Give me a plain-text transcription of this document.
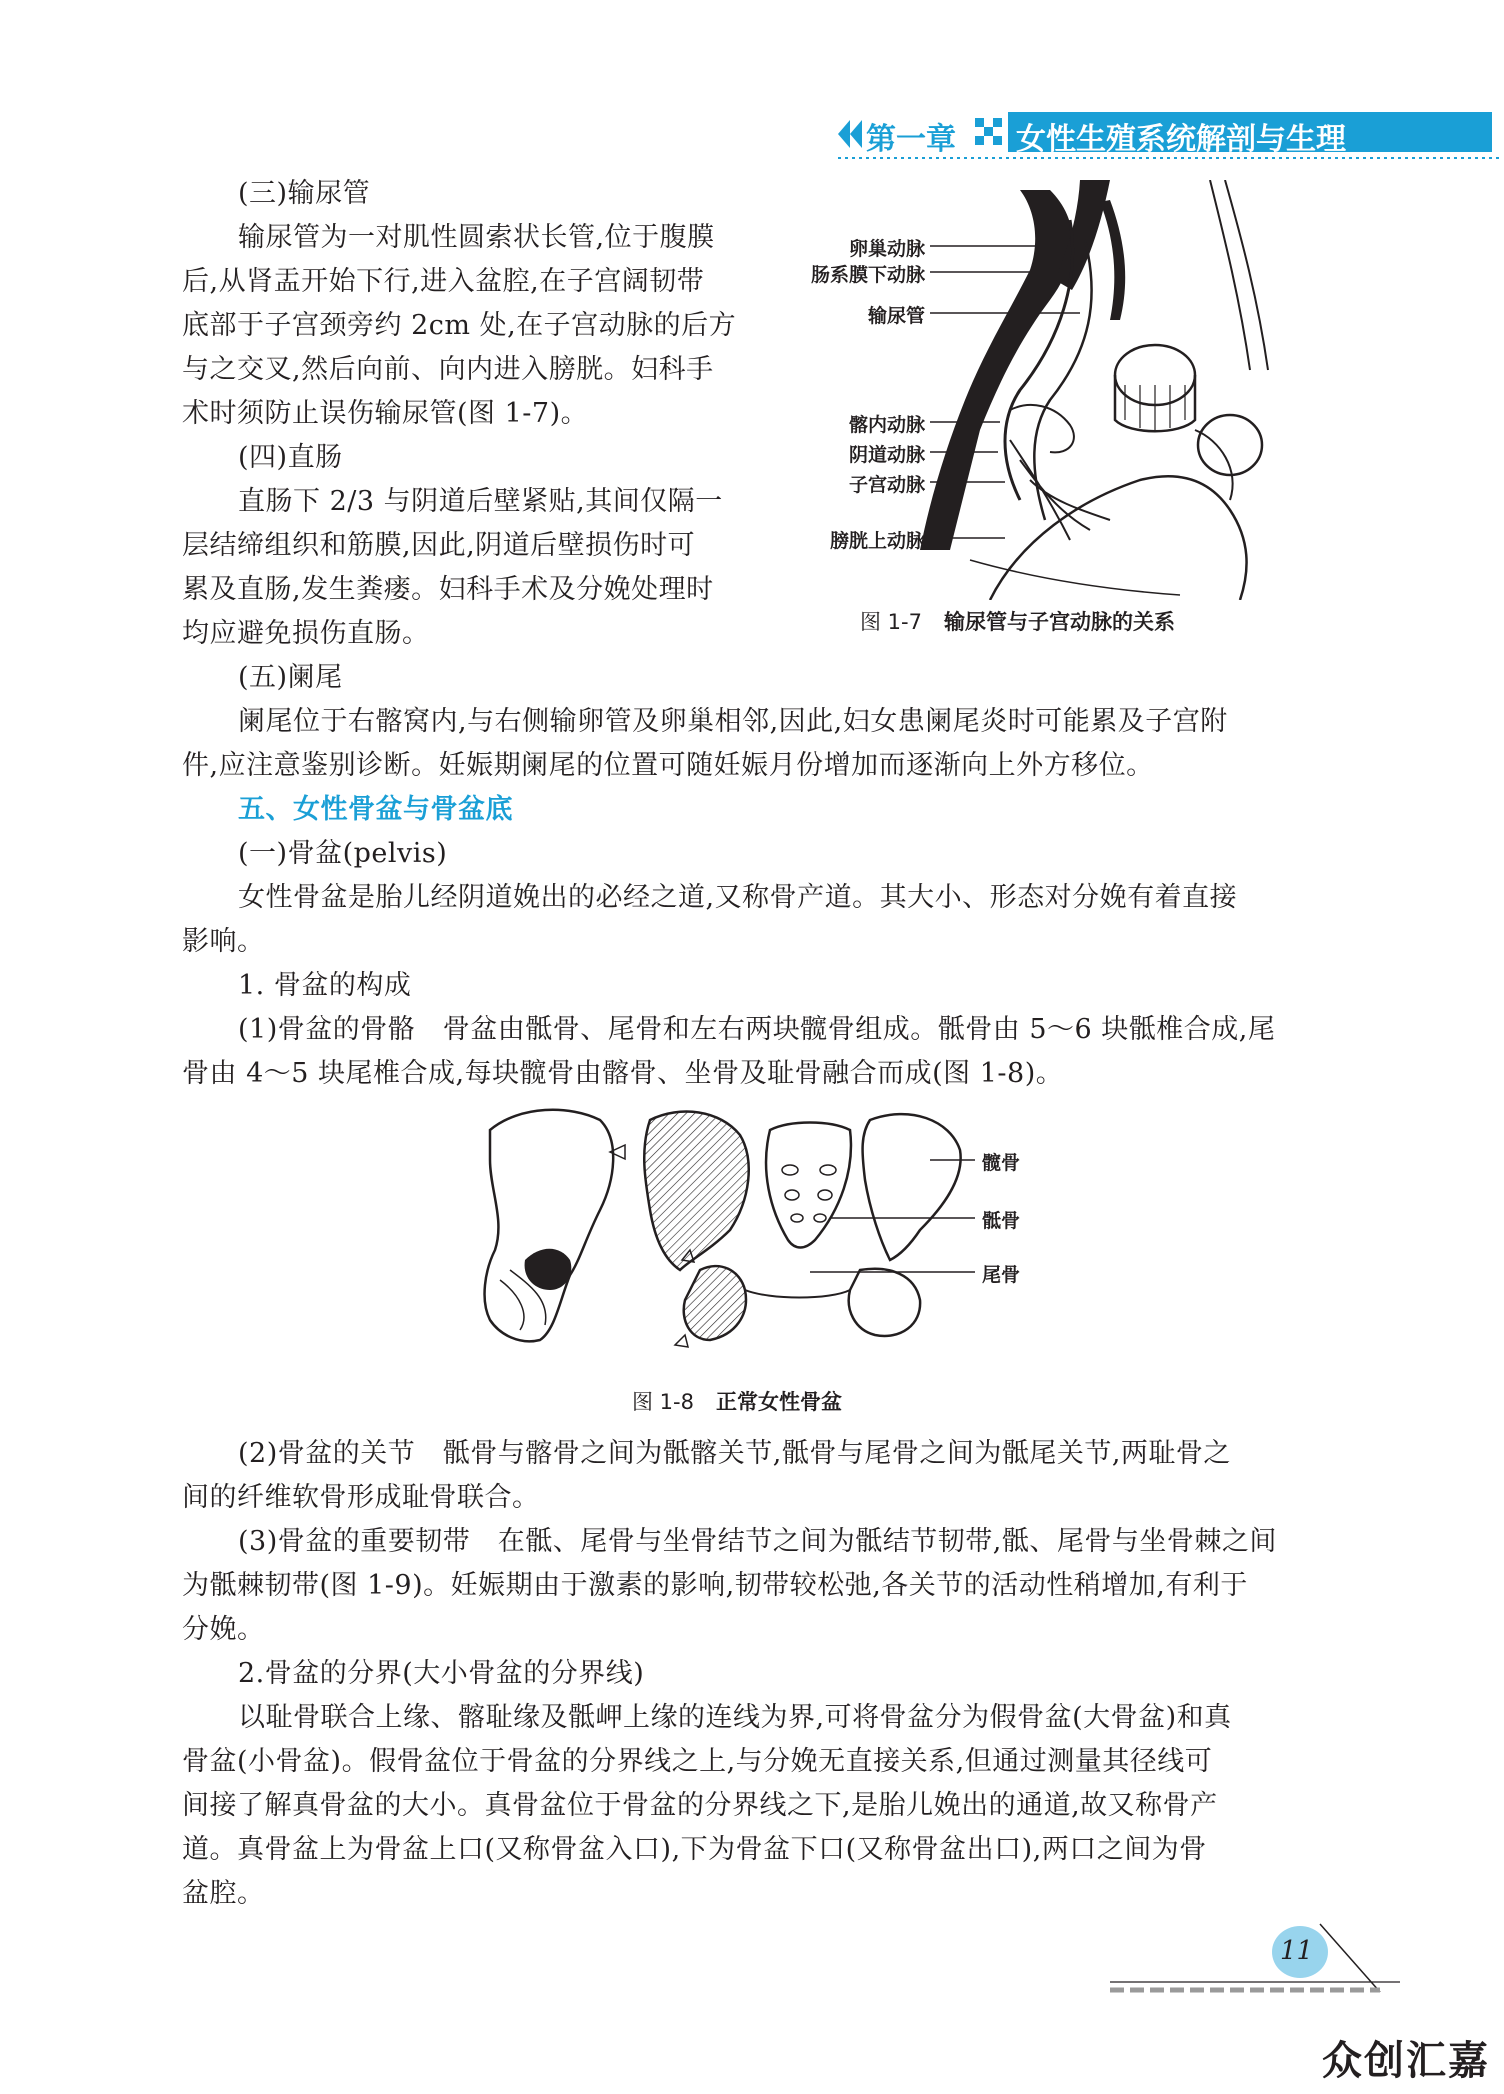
第一章 女性生殖系统解剖与生理
(三)输尿管
输尿管为一对肌性圆索状长管,位于腹膜
后,从肾盂开始下行,进入盆腔,在子宫阔韧带
底部于子宫颈旁约 2cm 处,在子宫动脉的后方
与之交叉,然后向前、向内进入膀胱。妇科手
术时须防止误伤输尿管(图 1-7)。
(四)直肠
直肠下 2/3 与阴道后壁紧贴,其间仅隔一
层结缔组织和筋膜,因此,阴道后壁损伤时可
累及直肠,发生粪瘘。妇科手术及分娩处理时
均应避免损伤直肠。
卵巢动脉
肠系膜下动脉
输尿管
髂内动脉
阴道动脉
子宫动脉
膀胱上动脉
图 1-7 输尿管与子宫动脉的关系
(五)阑尾
阑尾位于右髂窝内,与右侧输卵管及卵巢相邻,因此,妇女患阑尾炎时可能累及子宫附
件,应注意鉴别诊断。妊娠期阑尾的位置可随妊娠月份增加而逐渐向上外方移位。
五、女性骨盆与骨盆底
(一)骨盆(pelvis)
女性骨盆是胎儿经阴道娩出的必经之道,又称骨产道。其大小、形态对分娩有着直接
影响。
1. 骨盆的构成
(1)骨盆的骨骼　骨盆由骶骨、尾骨和左右两块髋骨组成。骶骨由 5～6 块骶椎合成,尾
骨由 4～5 块尾椎合成,每块髋骨由髂骨、坐骨及耻骨融合而成(图 1-8)。
髋骨
骶骨
尾骨
图 1-8 正常女性骨盆
(2)骨盆的关节　骶骨与髂骨之间为骶髂关节,骶骨与尾骨之间为骶尾关节,两耻骨之
间的纤维软骨形成耻骨联合。
(3)骨盆的重要韧带　在骶、尾骨与坐骨结节之间为骶结节韧带,骶、尾骨与坐骨棘之间
为骶棘韧带(图 1-9)。妊娠期由于激素的影响,韧带较松弛,各关节的活动性稍增加,有利于
分娩。
2.骨盆的分界(大小骨盆的分界线)
以耻骨联合上缘、髂耻缘及骶岬上缘的连线为界,可将骨盆分为假骨盆(大骨盆)和真
骨盆(小骨盆)。假骨盆位于骨盆的分界线之上,与分娩无直接关系,但通过测量其径线可
间接了解真骨盆的大小。真骨盆位于骨盆的分界线之下,是胎儿娩出的通道,故又称骨产
道。真骨盆上为骨盆上口(又称骨盆入口),下为骨盆下口(又称骨盆出口),两口之间为骨
盆腔。
11
众创汇嘉
